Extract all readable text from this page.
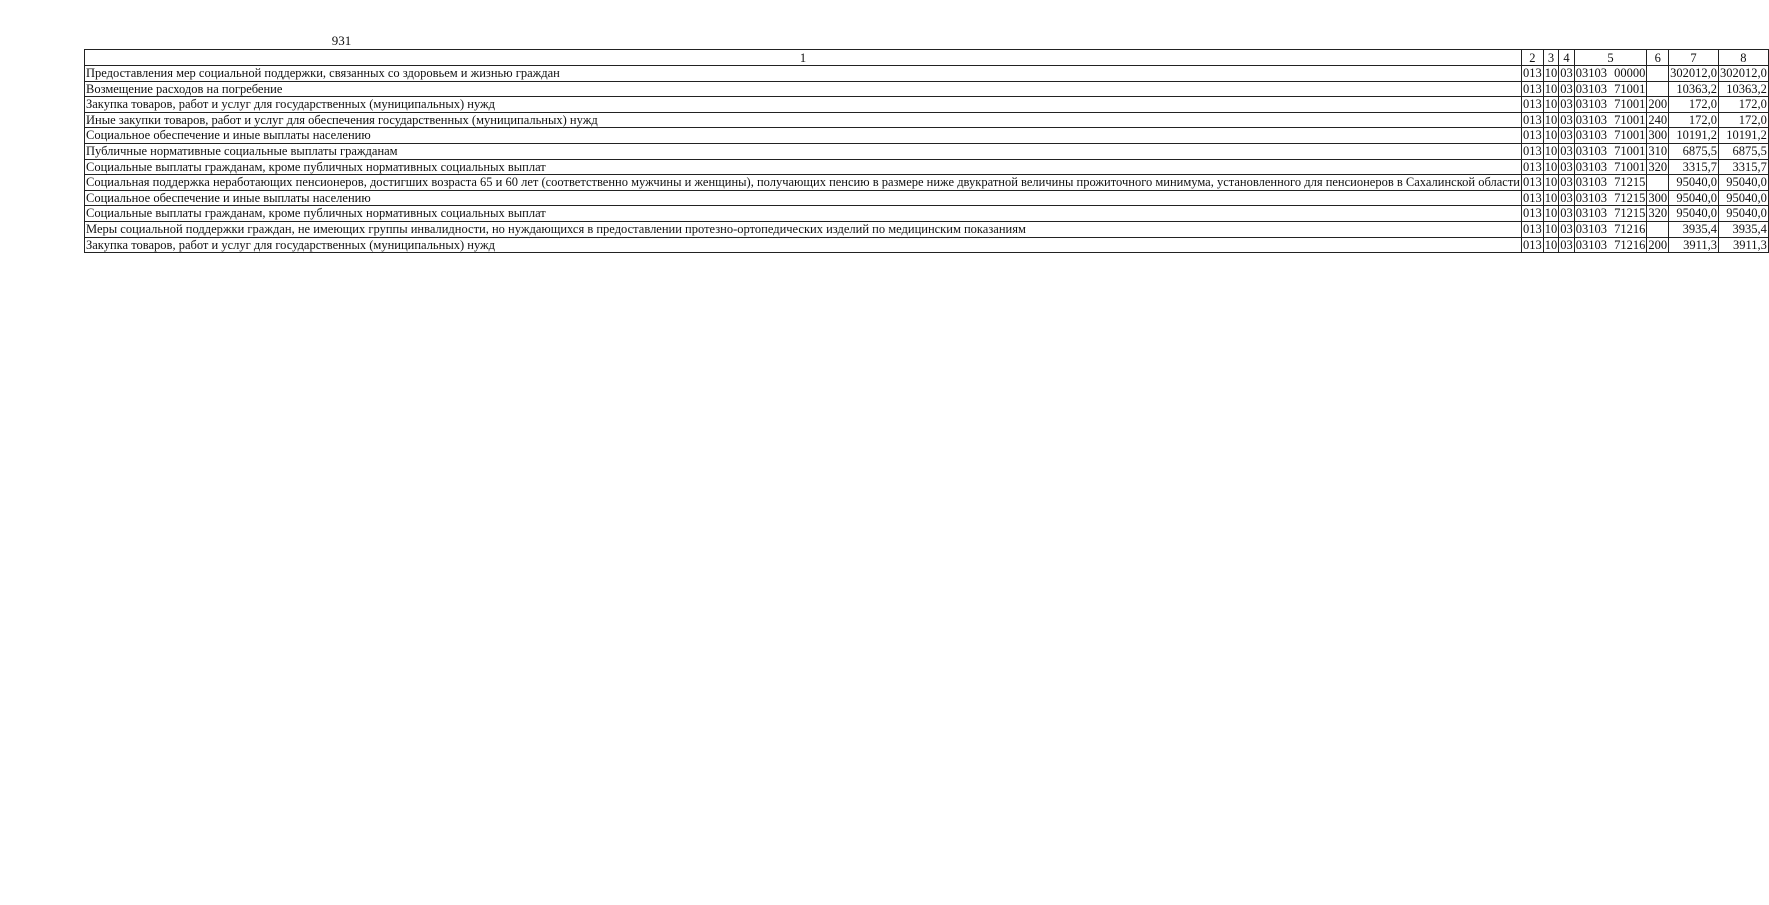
931
1	2	3	4	5	6	7	8
Предоставления мер социальной поддержки, связанных со здоровьем и жизнью граждан	013	10	03	03103 00000		302012,0	302012,0
Возмещение расходов на погребение	013	10	03	03103 71001		10363,2	10363,2
Закупка товаров, работ и услуг для государственных (муниципальных) нужд	013	10	03	03103 71001	200	172,0	172,0
Иные закупки товаров, работ и услуг для обеспечения государственных (муниципальных) нужд	013	10	03	03103 71001	240	172,0	172,0
Социальное обеспечение и иные выплаты населению	013	10	03	03103 71001	300	10191,2	10191,2
Публичные нормативные социальные выплаты гражданам	013	10	03	03103 71001	310	6875,5	6875,5
Социальные выплаты гражданам, кроме публичных нормативных социальных выплат	013	10	03	03103 71001	320	3315,7	3315,7
Социальная поддержка неработающих пенсионеров, достигших возраста 65 и 60 лет (соответственно мужчины и женщины), получающих пенсию в размере ниже двукратной величины прожиточного минимума, установленного для пенсионеров в Сахалинской области	013	10	03	03103 71215		95040,0	95040,0
Социальное обеспечение и иные выплаты населению	013	10	03	03103 71215	300	95040,0	95040,0
Социальные выплаты гражданам, кроме публичных нормативных социальных выплат	013	10	03	03103 71215	320	95040,0	95040,0
Меры социальной поддержки граждан, не имеющих группы инвалидности, но нуждающихся в предоставлении протезно-ортопедических изделий по медицинским показаниям	013	10	03	03103 71216		3935,4	3935,4
Закупка товаров, работ и услуг для государственных (муниципальных) нужд	013	10	03	03103 71216	200	3911,3	3911,3
